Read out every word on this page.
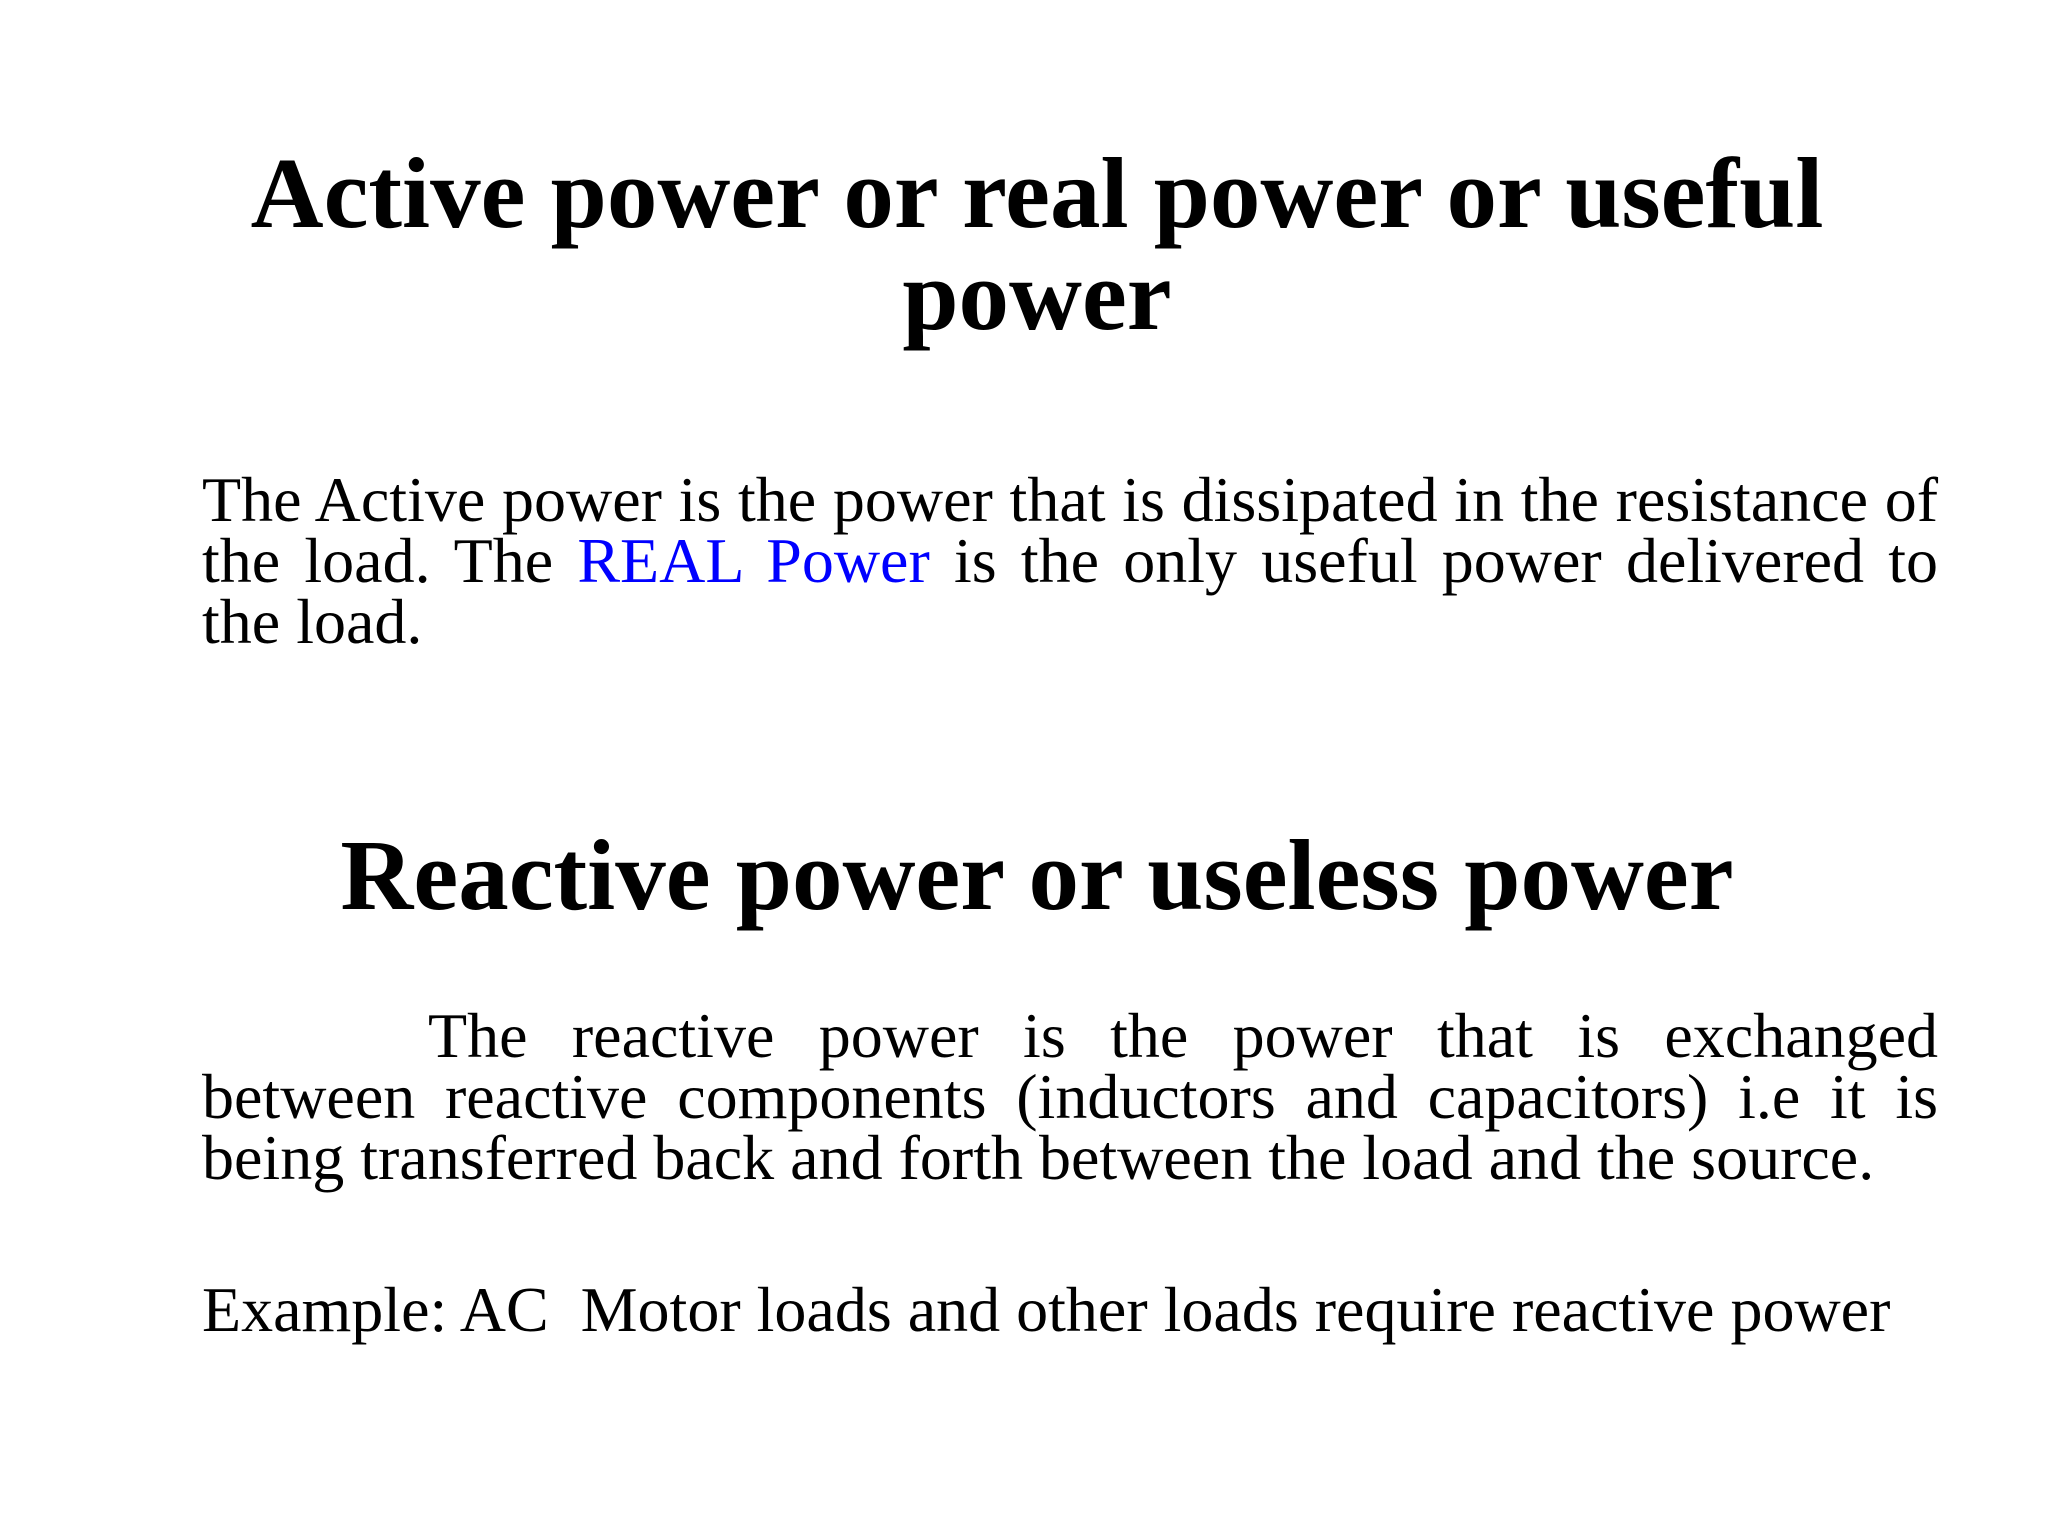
Active power or real power or useful power

The Active power is the power that is dissipated in the resistance of the load. The REAL Power is the only useful power delivered to the load.

Reactive power or useless power

The reactive power is the power that is exchanged between reactive components (inductors and capacitors) i.e it is being transferred back and forth between the load and the source.

Example: AC  Motor loads and other loads require reactive power
